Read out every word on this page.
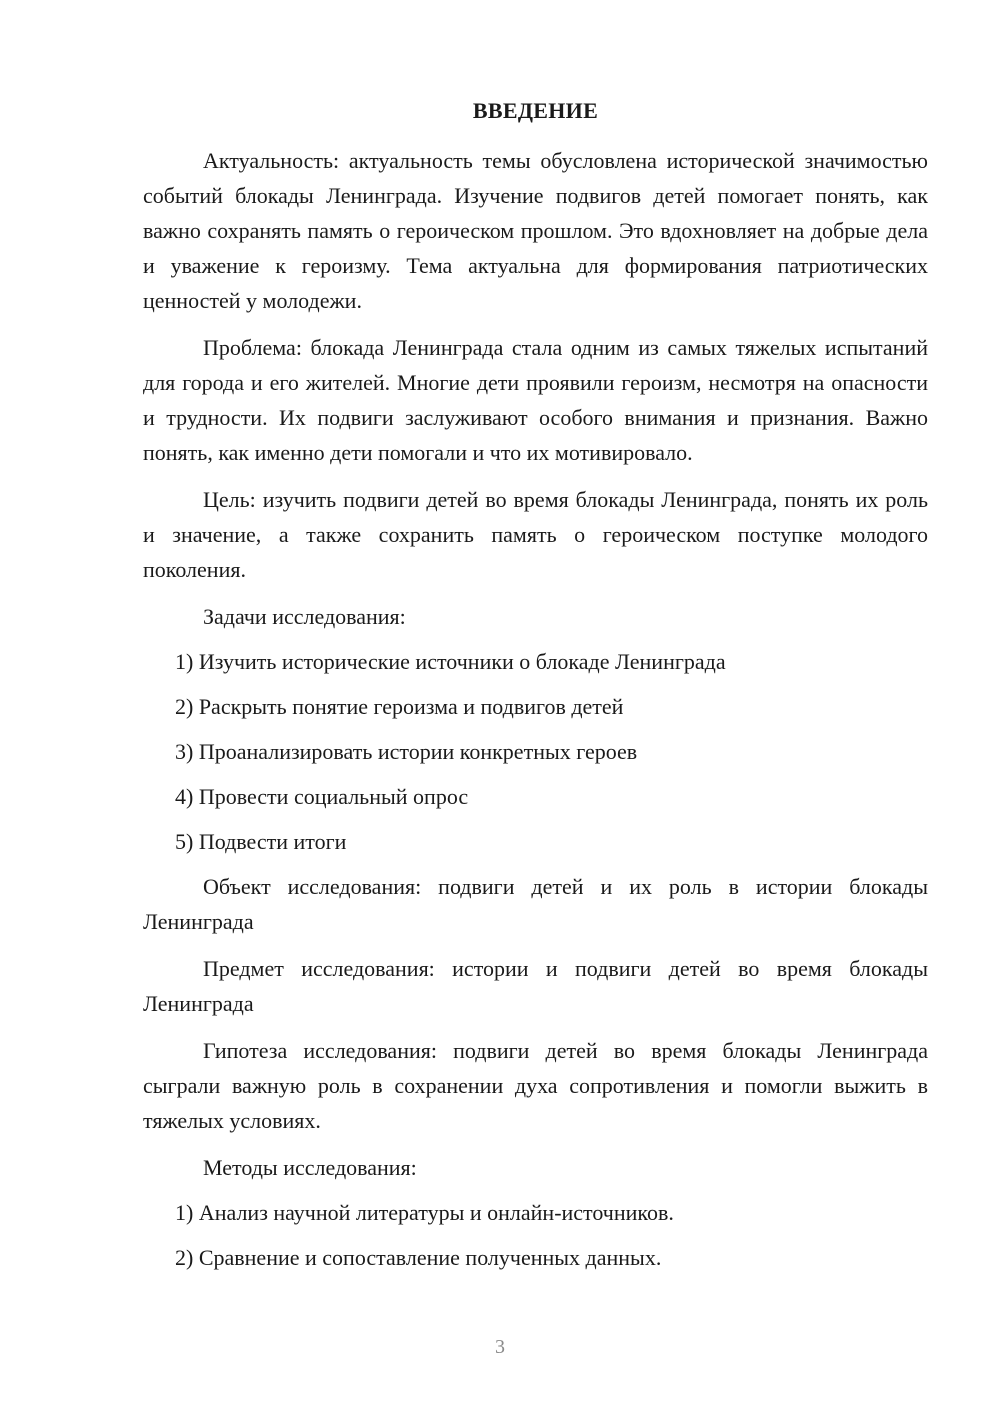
ВВЕДЕНИЕ

Актуальность: актуальность темы обусловлена исторической значимостью событий блокады Ленинграда. Изучение подвигов детей помогает понять, как важно сохранять память о героическом прошлом. Это вдохновляет на добрые дела и уважение к героизму. Тема актуальна для формирования патриотических ценностей у молодежи.

Проблема: блокада Ленинграда стала одним из самых тяжелых испытаний для города и его жителей. Многие дети проявили героизм, несмотря на опасности и трудности. Их подвиги заслуживают особого внимания и признания. Важно понять, как именно дети помогали и что их мотивировало.

Цель: изучить подвиги детей во время блокады Ленинграда, понять их роль и значение, а также сохранить память о героическом поступке молодого поколения.

Задачи исследования:

1) Изучить исторические источники о блокаде Ленинграда
2) Раскрыть понятие героизма и подвигов детей
3) Проанализировать истории конкретных героев
4) Провести социальный опрос
5) Подвести итоги

Объект исследования: подвиги детей и их роль в истории блокады Ленинграда

Предмет исследования: истории и подвиги детей во время блокады Ленинграда

Гипотеза исследования: подвиги детей во время блокады Ленинграда сыграли важную роль в сохранении духа сопротивления и помогли выжить в тяжелых условиях.

Методы исследования:

1) Анализ научной литературы и онлайн-источников.
2) Сравнение и сопоставление полученных данных.
3
